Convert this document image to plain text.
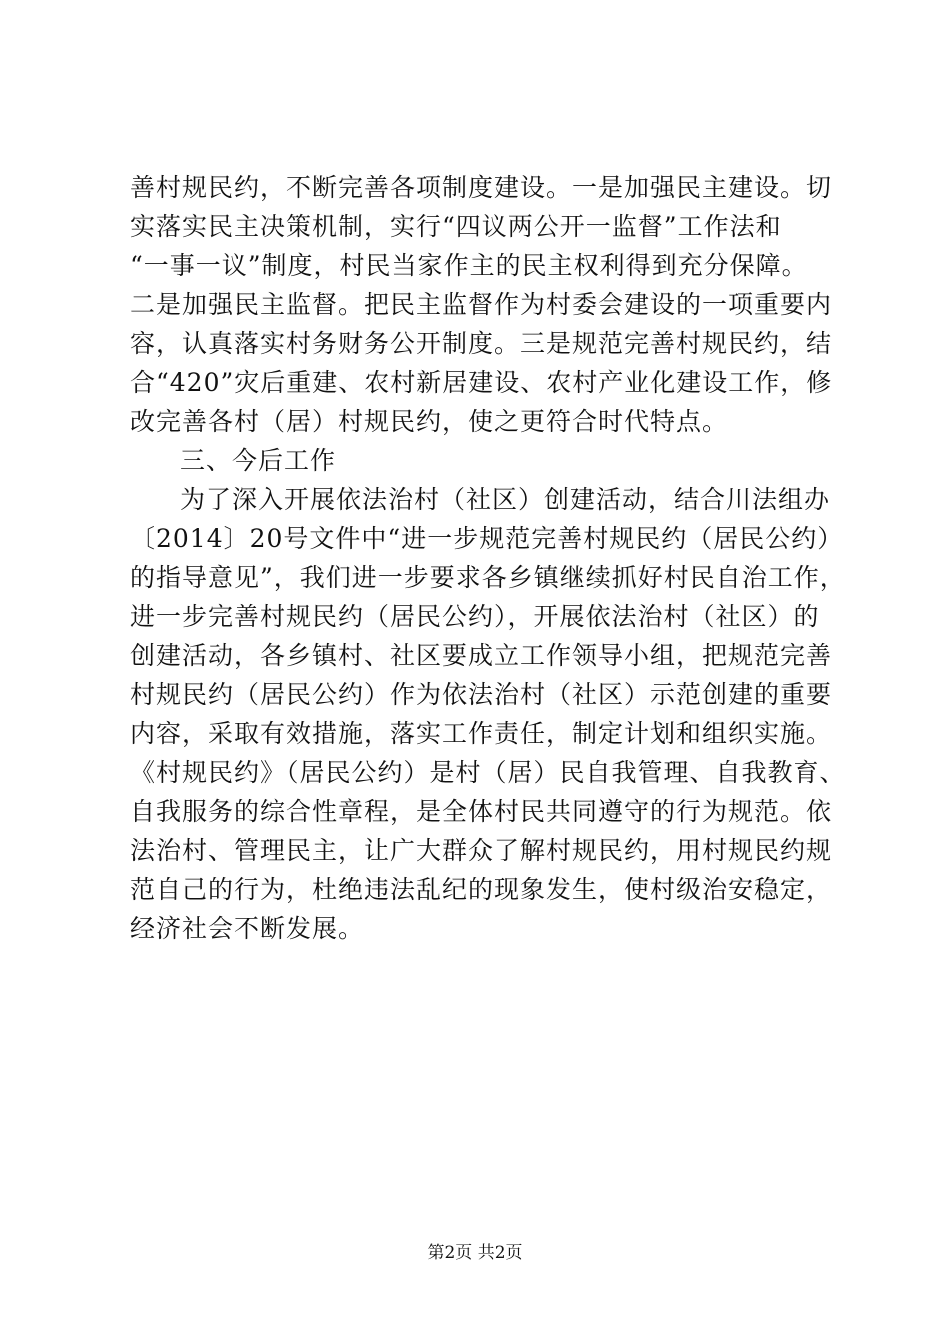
善村规民约，不断完善各项制度建设。一是加强民主建设。切
实落实民主决策机制，实行“四议两公开一监督”工作法和
“一事一议”制度，村民当家作主的民主权利得到充分保障。
二是加强民主监督。把民主监督作为村委会建设的一项重要内
容，认真落实村务财务公开制度。三是规范完善村规民约，结
合“420”灾后重建、农村新居建设、农村产业化建设工作，修
改完善各村（居）村规民约，使之更符合时代特点。
三、今后工作
为了深入开展依法治村（社区）创建活动，结合川法组办
〔2014〕20号文件中“进一步规范完善村规民约（居民公约）
的指导意见”，我们进一步要求各乡镇继续抓好村民自治工作，
进一步完善村规民约（居民公约），开展依法治村（社区）的
创建活动，各乡镇村、社区要成立工作领导小组，把规范完善
村规民约（居民公约）作为依法治村（社区）示范创建的重要
内容，采取有效措施，落实工作责任，制定计划和组织实施。
《村规民约》（居民公约）是村（居）民自我管理、自我教育、
自我服务的综合性章程，是全体村民共同遵守的行为规范。依
法治村、管理民主，让广大群众了解村规民约，用村规民约规
范自己的行为，杜绝违法乱纪的现象发生，使村级治安稳定，
经济社会不断发展。
第2页 共2页
